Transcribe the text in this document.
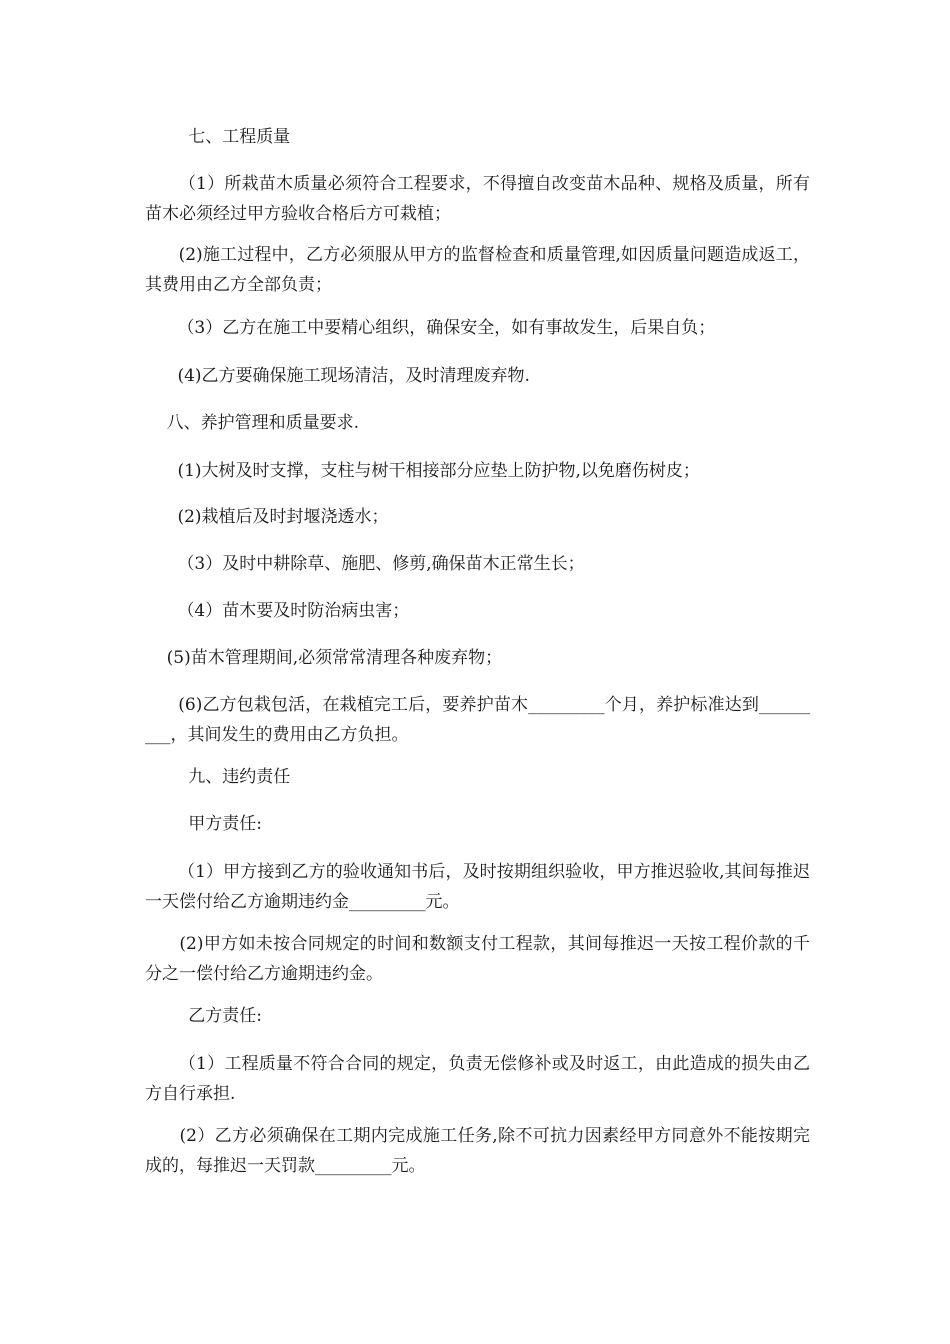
七、工程质量

（1）所栽苗木质量必须符合工程要求，不得擅自改变苗木品种、规格及质量，所有苗木必须经过甲方验收合格后方可栽植；

(2)施工过程中，乙方必须服从甲方的监督检查和质量管理,如因质量问题造成返工，其费用由乙方全部负责；

（3）乙方在施工中要精心组织，确保安全，如有事故发生，后果自负；

(4)乙方要确保施工现场清洁，及时清理废弃物.

八、养护管理和质量要求.

(1)大树及时支撑，支柱与树干相接部分应垫上防护物,以免磨伤树皮；

(2)栽植后及时封堰浇透水；

（3）及时中耕除草、施肥、修剪,确保苗木正常生长；

（4）苗木要及时防治病虫害；

(5)苗木管理期间,必须常常清理各种废弃物；

(6)乙方包栽包活，在栽植完工后，要养护苗木_________个月，养护标准达到_________，其间发生的费用由乙方负担。

九、违约责任

甲方责任:

（1）甲方接到乙方的验收通知书后，及时按期组织验收，甲方推迟验收,其间每推迟一天偿付给乙方逾期违约金_________元。

(2)甲方如未按合同规定的时间和数额支付工程款，其间每推迟一天按工程价款的千分之一偿付给乙方逾期违约金。

乙方责任:

（1）工程质量不符合合同的规定，负责无偿修补或及时返工，由此造成的损失由乙方自行承担.

(2）乙方必须确保在工期内完成施工任务,除不可抗力因素经甲方同意外不能按期完成的，每推迟一天罚款_________元。
